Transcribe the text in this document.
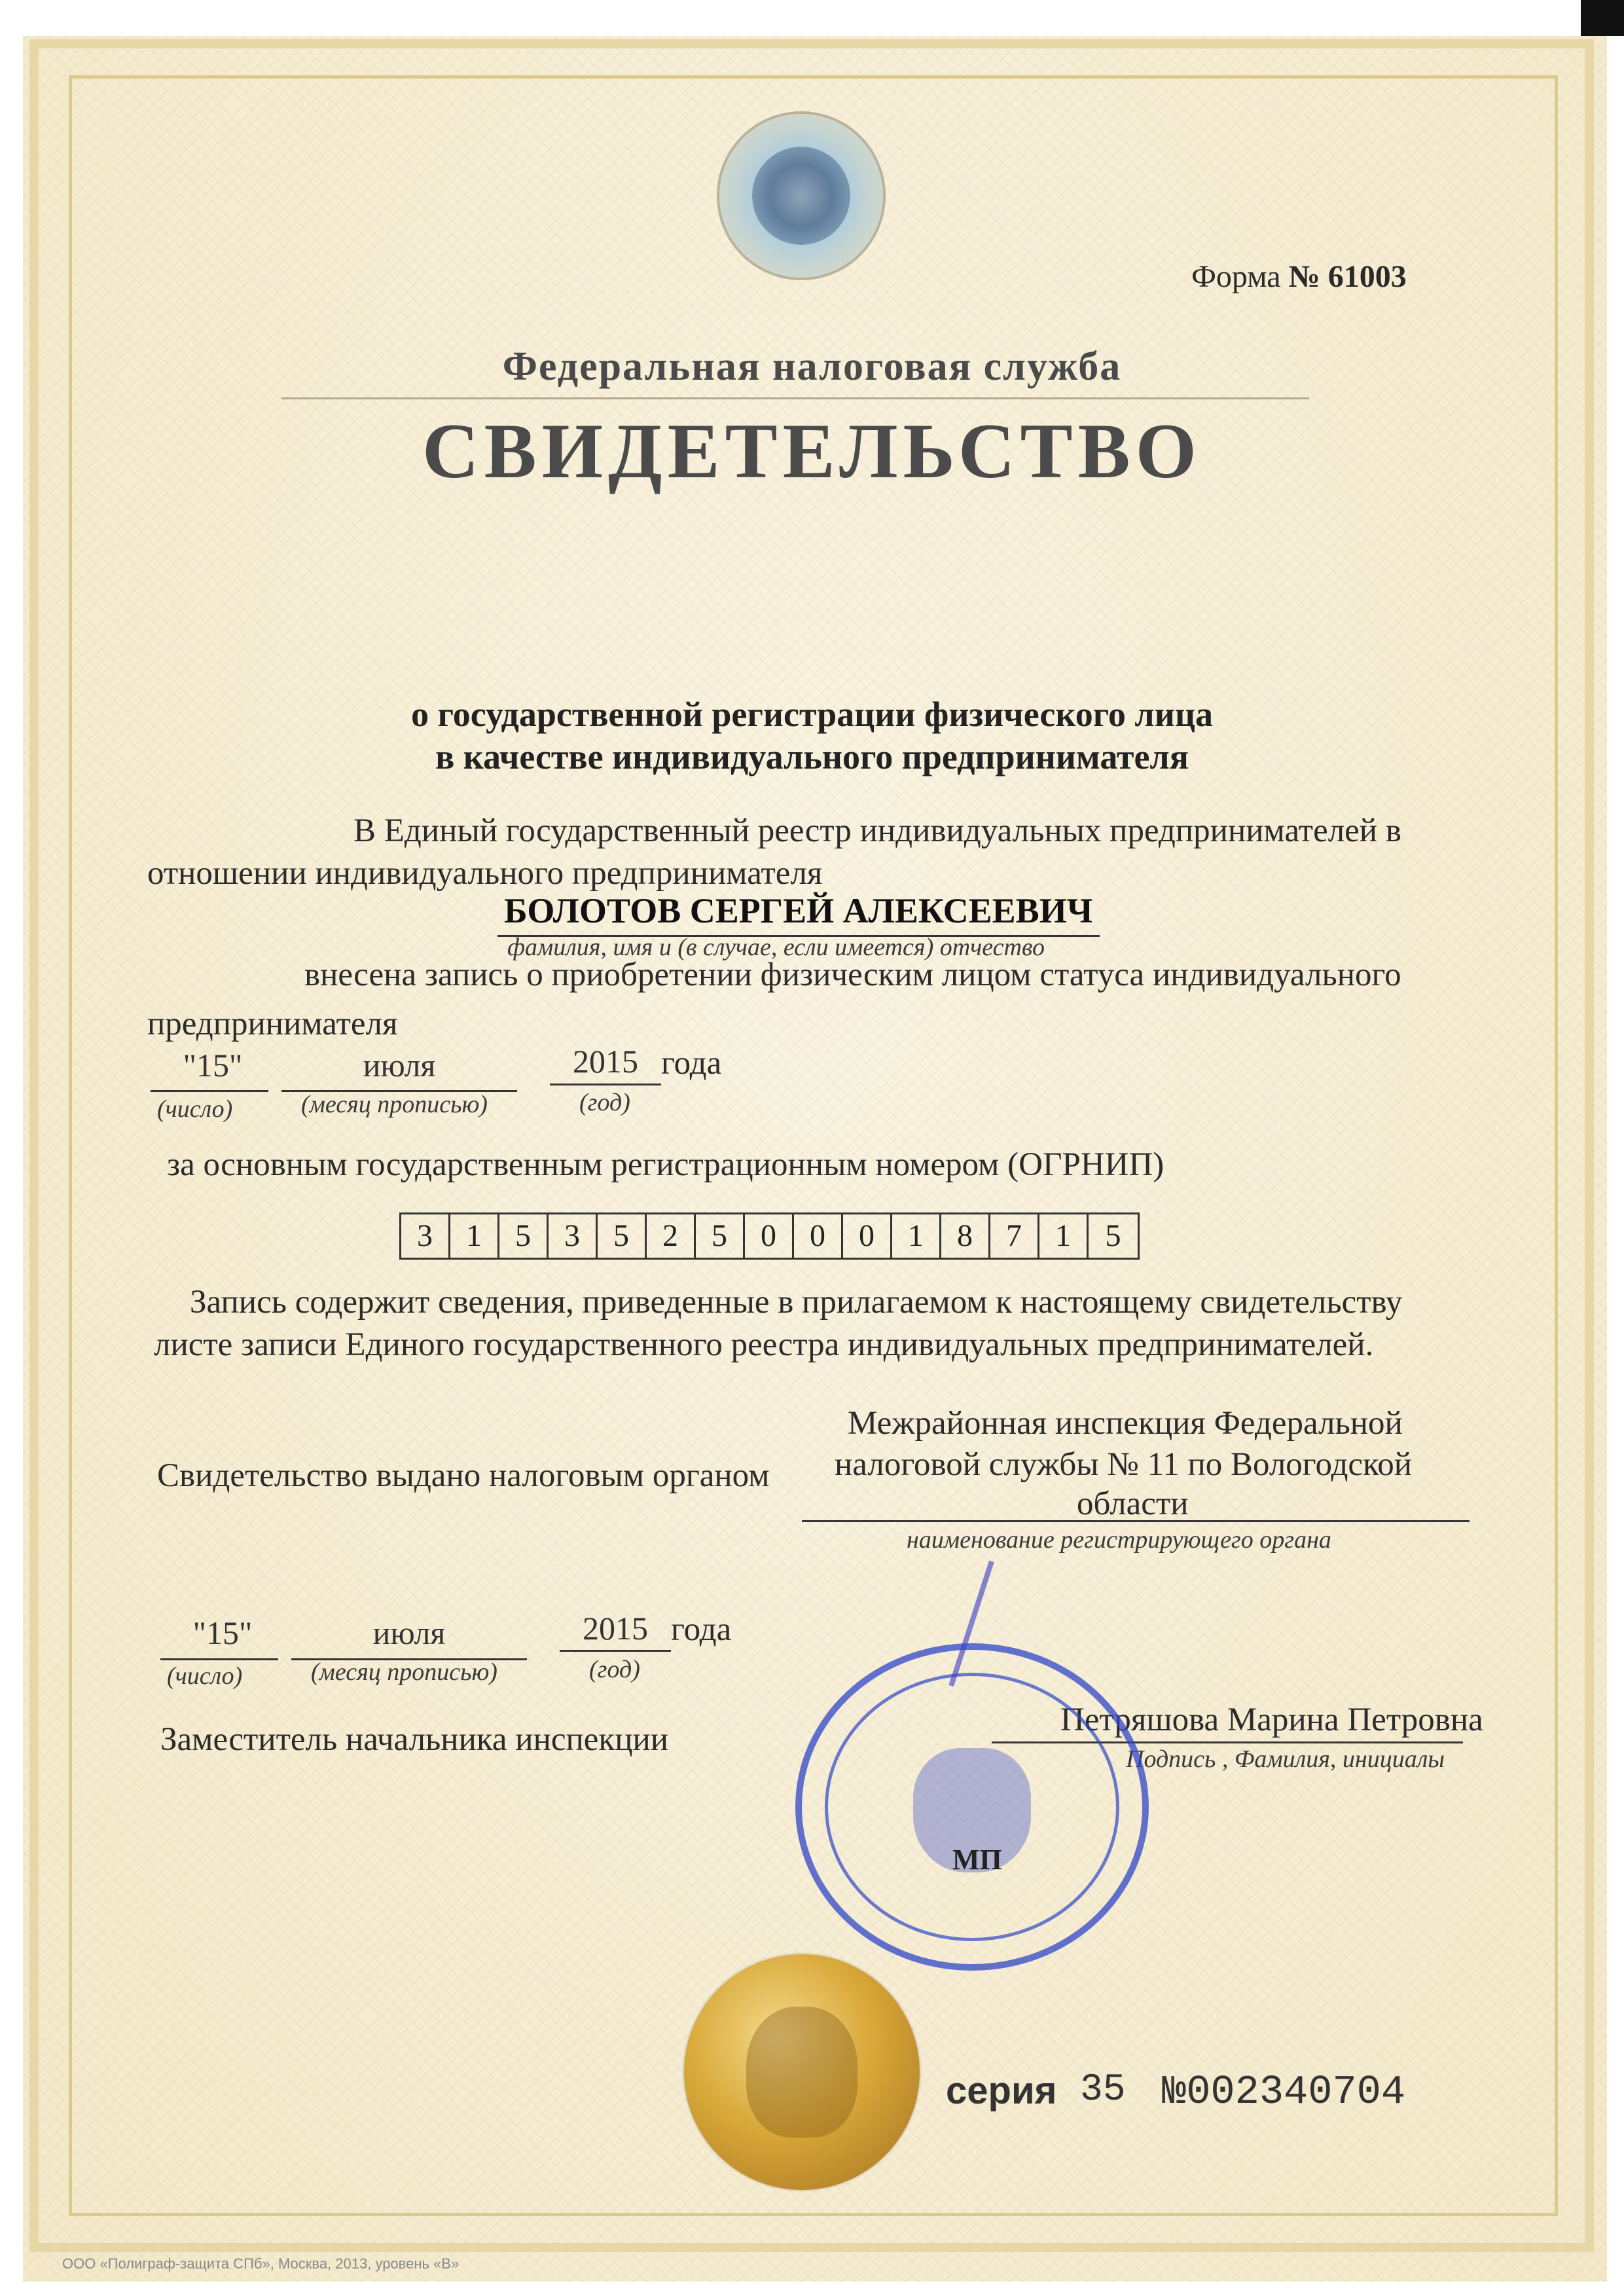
Форма № 61003
Федеральная налоговая служба
СВИДЕТЕЛЬСТВО
о государственной регистрации физического лица
в качестве индивидуального предпринимателя
В Единый государственный реестр индивидуальных предпринимателей в
отношении индивидуального предпринимателя
БОЛОТОВ СЕРГЕЙ АЛЕКСЕЕВИЧ
фамилия, имя и (в случае, если имеется) отчество
внесена запись о приобретении физическим лицом статуса индивидуального
предпринимателя
"15"	июля	2015 года
(число)	(месяц прописью)	(год)
за основным государственным регистрационным номером (ОГРНИП)
3	1	5	3	5	2	5	0	0	0	1	8	7	1	5
Запись содержит сведения, приведенные в прилагаемом к настоящему свидетельству
листе записи Единого государственного реестра индивидуальных предпринимателей.
Свидетельство выдано налоговым органом
Межрайонная инспекция Федеральной
налоговой службы № 11 по Вологодской
области
наименование регистрирующего органа
"15"	июля	2015 года
(число)	(месяц прописью)	(год)
Заместитель начальника инспекции
Петряшова Марина Петровна
Подпись , Фамилия, инициалы
МП
серия 35 №002340704
ООО «Полиграф-защита СПб», Москва, 2013, уровень «В»
